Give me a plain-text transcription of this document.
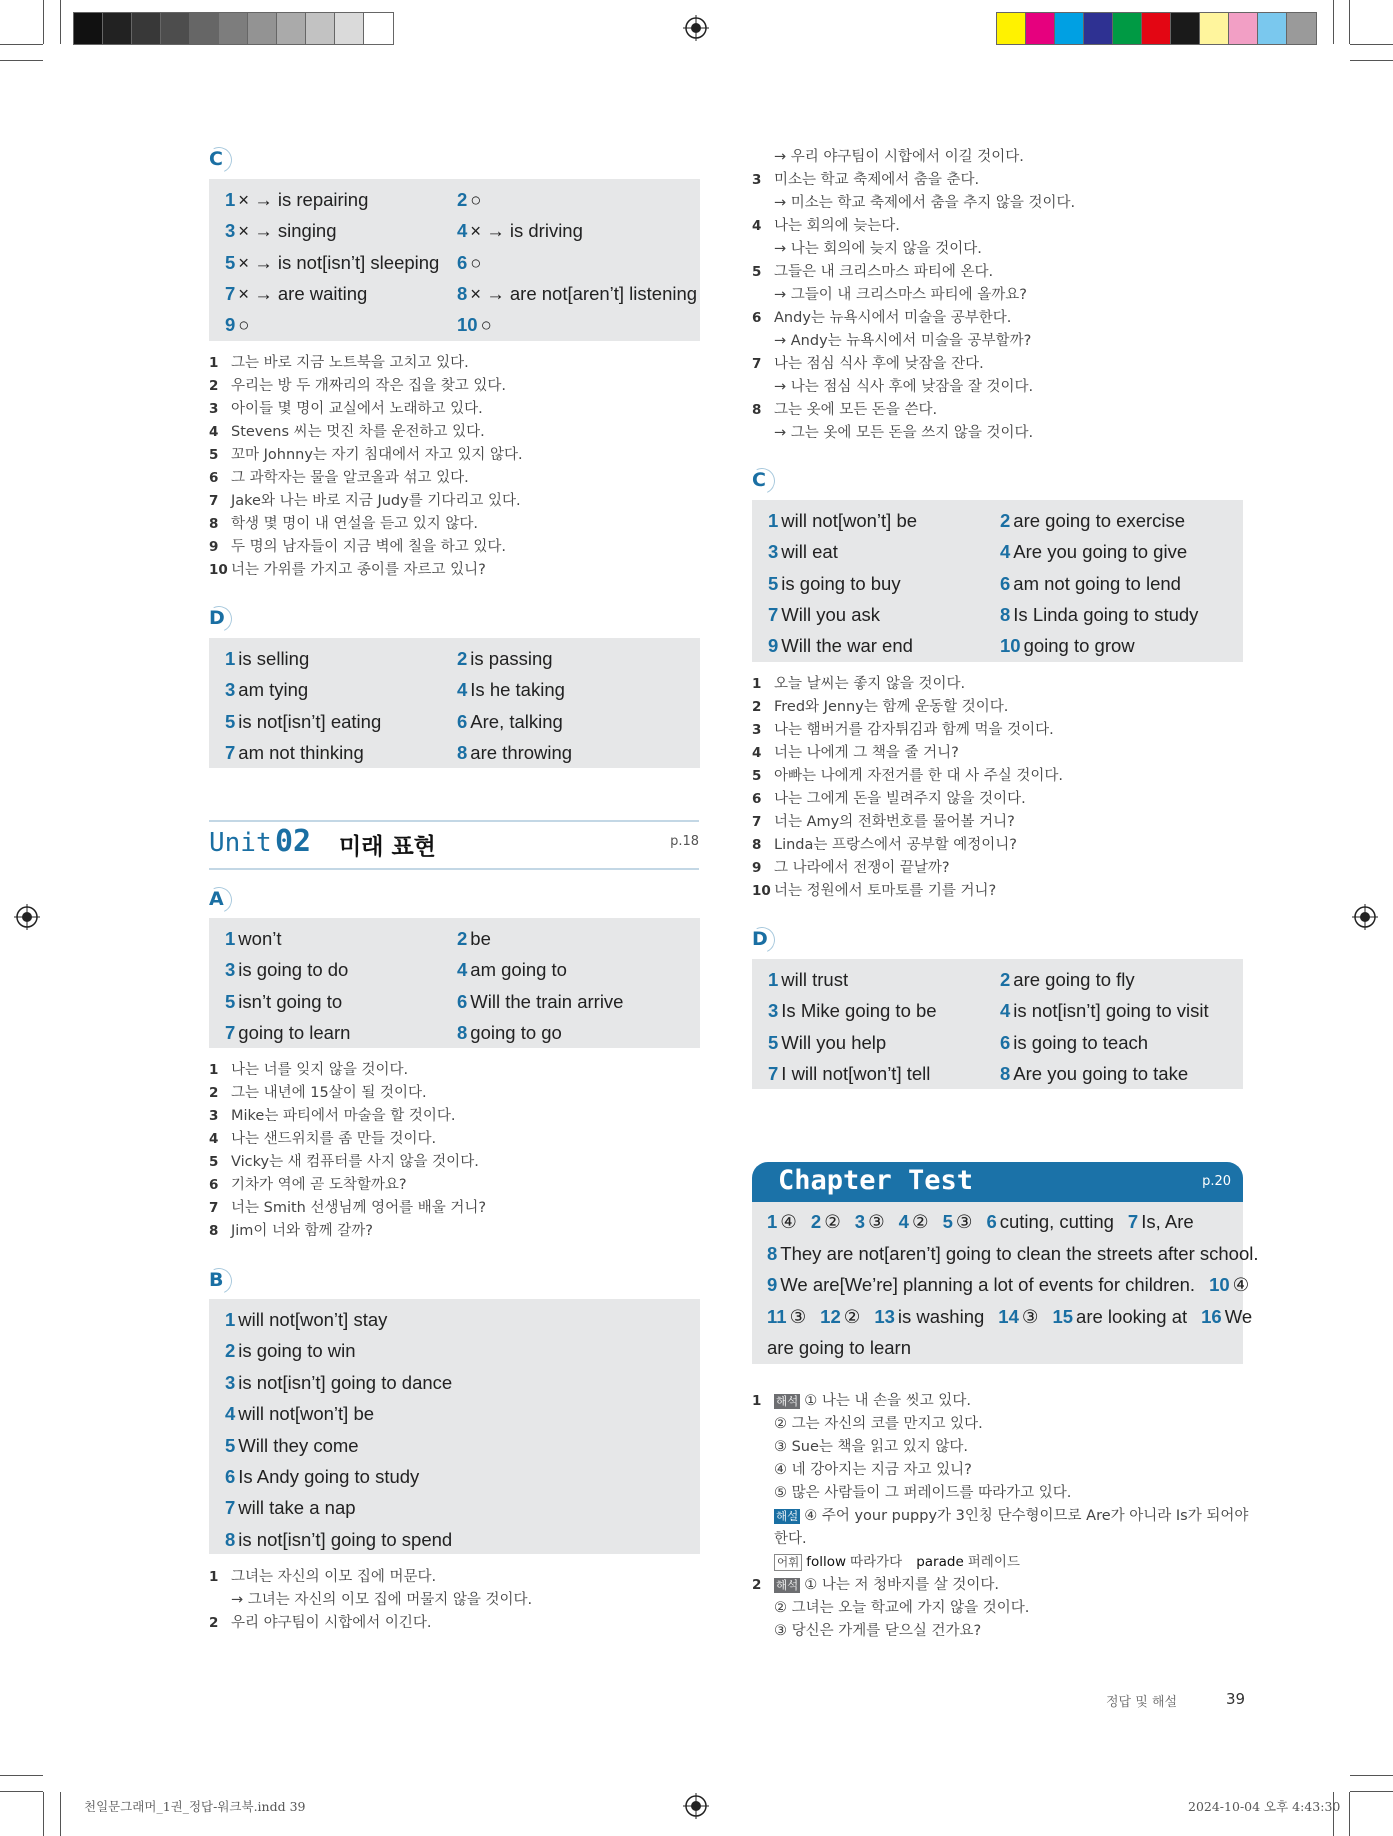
C
1 × → is repairing	2 ○
3 × → singing	4 × → is driving
5 × → is not[isn’t] sleeping 6 ○
7 × → are waiting	8 × → are not[aren’t] listening
9 ○	10 ○
1 그는 바로 지금 노트북을 고치고 있다.
2 우리는 방 두 개짜리의 작은 집을 찾고 있다.
3 아이들 몇 명이 교실에서 노래하고 있다.
4 Stevens 씨는 멋진 차를 운전하고 있다.
5 꼬마 Johnny는 자기 침대에서 자고 있지 않다.
6 그 과학자는 물을 알코올과 섞고 있다.
7 Jake와 나는 바로 지금 Judy를 기다리고 있다.
8 학생 몇 명이 내 연설을 듣고 있지 않다.
9 두 명의 남자들이 지금 벽에 칠을 하고 있다.
10 너는 가위를 가지고 종이를 자르고 있니?
D
1 is selling	2 is passing
3 am tying	4 Is he taking
5 is not[isn’t] eating	6 Are, talking
7 am not thinking	8 are throwing
Unit 02 미래 표현	p.18
A
1 won’t	2 be
3 is going to do	4 am going to
5 isn’t going to	6 Will the train arrive
7 going to learn	8 going to go
1 나는 너를 잊지 않을 것이다.
2 그는 내년에 15살이 될 것이다.
3 Mike는 파티에서 마술을 할 것이다.
4 나는 샌드위치를 좀 만들 것이다.
5 Vicky는 새 컴퓨터를 사지 않을 것이다.
6 기차가 역에 곧 도착할까요?
7 너는 Smith 선생님께 영어를 배울 거니?
8 Jim이 너와 함께 갈까?
B
1 will not[won’t] stay
2 is going to win
3 is not[isn’t] going to dance
4 will not[won’t] be
5 Will they come
6 Is Andy going to study
7 will take a nap
8 is not[isn’t] going to spend
1 그녀는 자신의 이모 집에 머문다.
→ 그녀는 자신의 이모 집에 머물지 않을 것이다.
2 우리 야구팀이 시합에서 이긴다.
→ 우리 야구팀이 시합에서 이길 것이다.
3 미소는 학교 축제에서 춤을 춘다.
→ 미소는 학교 축제에서 춤을 추지 않을 것이다.
4 나는 회의에 늦는다.
→ 나는 회의에 늦지 않을 것이다.
5 그들은 내 크리스마스 파티에 온다.
→ 그들이 내 크리스마스 파티에 올까요?
6 Andy는 뉴욕시에서 미술을 공부한다.
→ Andy는 뉴욕시에서 미술을 공부할까?
7 나는 점심 식사 후에 낮잠을 잔다.
→ 나는 점심 식사 후에 낮잠을 잘 것이다.
8 그는 옷에 모든 돈을 쓴다.
→ 그는 옷에 모든 돈을 쓰지 않을 것이다.
C
1 will not[won’t] be	2 are going to exercise
3 will eat	4 Are you going to give
5 is going to buy	6 am not going to lend
7 Will you ask	8 Is Linda going to study
9 Will the war end	10 going to grow
1 오늘 날씨는 좋지 않을 것이다.
2 Fred와 Jenny는 함께 운동할 것이다.
3 나는 햄버거를 감자튀김과 함께 먹을 것이다.
4 너는 나에게 그 책을 줄 거니?
5 아빠는 나에게 자전거를 한 대 사 주실 것이다.
6 나는 그에게 돈을 빌려주지 않을 것이다.
7 너는 Amy의 전화번호를 물어볼 거니?
8 Linda는 프랑스에서 공부할 예정이니?
9 그 나라에서 전쟁이 끝날까?
10 너는 정원에서 토마토를 기를 거니?
D
1 will trust	2 are going to fly
3 Is Mike going to be	4 is not[isn’t] going to visit
5 Will you help	6 is going to teach
7 I will not[won’t] tell	8 Are you going to take
Chapter Test	p.20
1 ④ 2 ② 3 ③ 4 ② 5 ③ 6 cuting, cutting 7 Is, Are
8 They are not[aren’t] going to clean the streets after school.
9 We are[We’re] planning a lot of events for children. 10 ④
11 ③ 12 ② 13 is washing 14 ③ 15 are looking at 16 We
are going to learn
1	해석 ① 나는 내 손을 씻고 있다.
② 그는 자신의 코를 만지고 있다.
③ Sue는 책을 읽고 있지 않다.
④ 네 강아지는 지금 자고 있니?
⑤ 많은 사람들이 그 퍼레이드를 따라가고 있다.
해설 ④ 주어 your puppy가 3인칭 단수형이므로 Are가 아니라 Is가 되어야
한다.
어휘 follow 따라가다 parade 퍼레이드
2	해석 ① 나는 저 청바지를 살 것이다.
② 그녀는 오늘 학교에 가지 않을 것이다.
③ 당신은 가게를 닫으실 건가요?
정답 및 해설	39
천일문그래머_1권_정답-워크북.indd 39	2024-10-04 오후 4:43:30
